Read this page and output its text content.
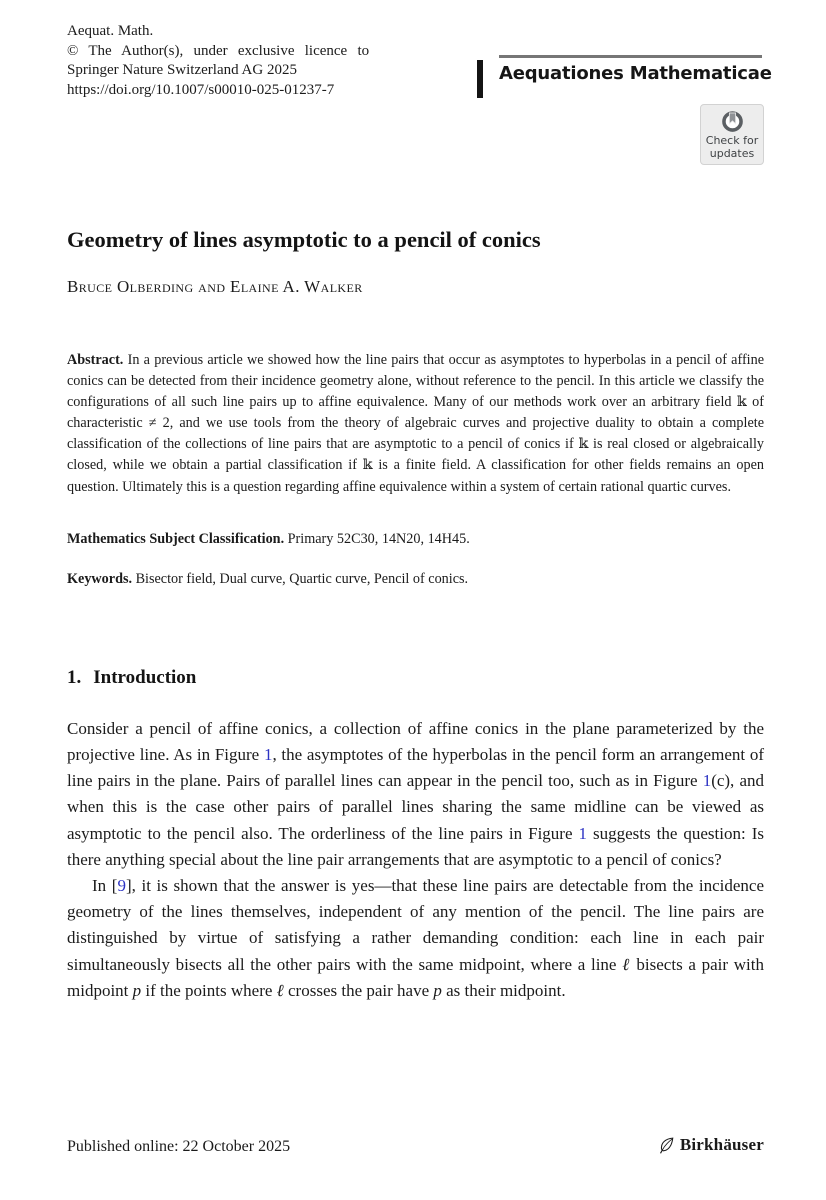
Aequat. Math.
© The Author(s), under exclusive licence to
Springer Nature Switzerland AG 2025
https://doi.org/10.1007/s00010-025-01237-7
Aequationes Mathematicae
Check for
updates
Geometry of lines asymptotic to a pencil of conics
Bruce Olberding and Elaine A. Walker

Abstract. In a previous article we showed how the line pairs that occur as asymptotes to hyperbolas in a pencil of affine conics can be detected from their incidence geometry alone, without reference to the pencil. In this article we classify the configurations of all such line pairs up to affine equivalence. Many of our methods work over an arbitrary field 𝕜 of characteristic ≠ 2, and we use tools from the theory of algebraic curves and projective duality to obtain a complete classification of the collections of line pairs that are asymptotic to a pencil of conics if 𝕜 is real closed or algebraically closed, while we obtain a partial classification if 𝕜 is a finite field. A classification for other fields remains an open question. Ultimately this is a question regarding affine equivalence within a system of certain rational quartic curves.

Mathematics Subject Classification. Primary 52C30, 14N20, 14H45.

Keywords. Bisector field, Dual curve, Quartic curve, Pencil of conics.

1. Introduction

Consider a pencil of affine conics, a collection of affine conics in the plane parameterized by the projective line. As in Figure 1, the asymptotes of the hyperbolas in the pencil form an arrangement of line pairs in the plane. Pairs of parallel lines can appear in the pencil too, such as in Figure 1(c), and when this is the case other pairs of parallel lines sharing the same midline can be viewed as asymptotic to the pencil also. The orderliness of the line pairs in Figure 1 suggests the question: Is there anything special about the line pair arrangements that are asymptotic to a pencil of conics?

In [9], it is shown that the answer is yes—that these line pairs are detectable from the incidence geometry of the lines themselves, independent of any mention of the pencil. The line pairs are distinguished by virtue of satisfying a rather demanding condition: each line in each pair simultaneously bisects all the other pairs with the same midpoint, where a line ℓ bisects a pair with midpoint p if the points where ℓ crosses the pair have p as their midpoint.

Published online: 22 October 2025	Birkhäuser
